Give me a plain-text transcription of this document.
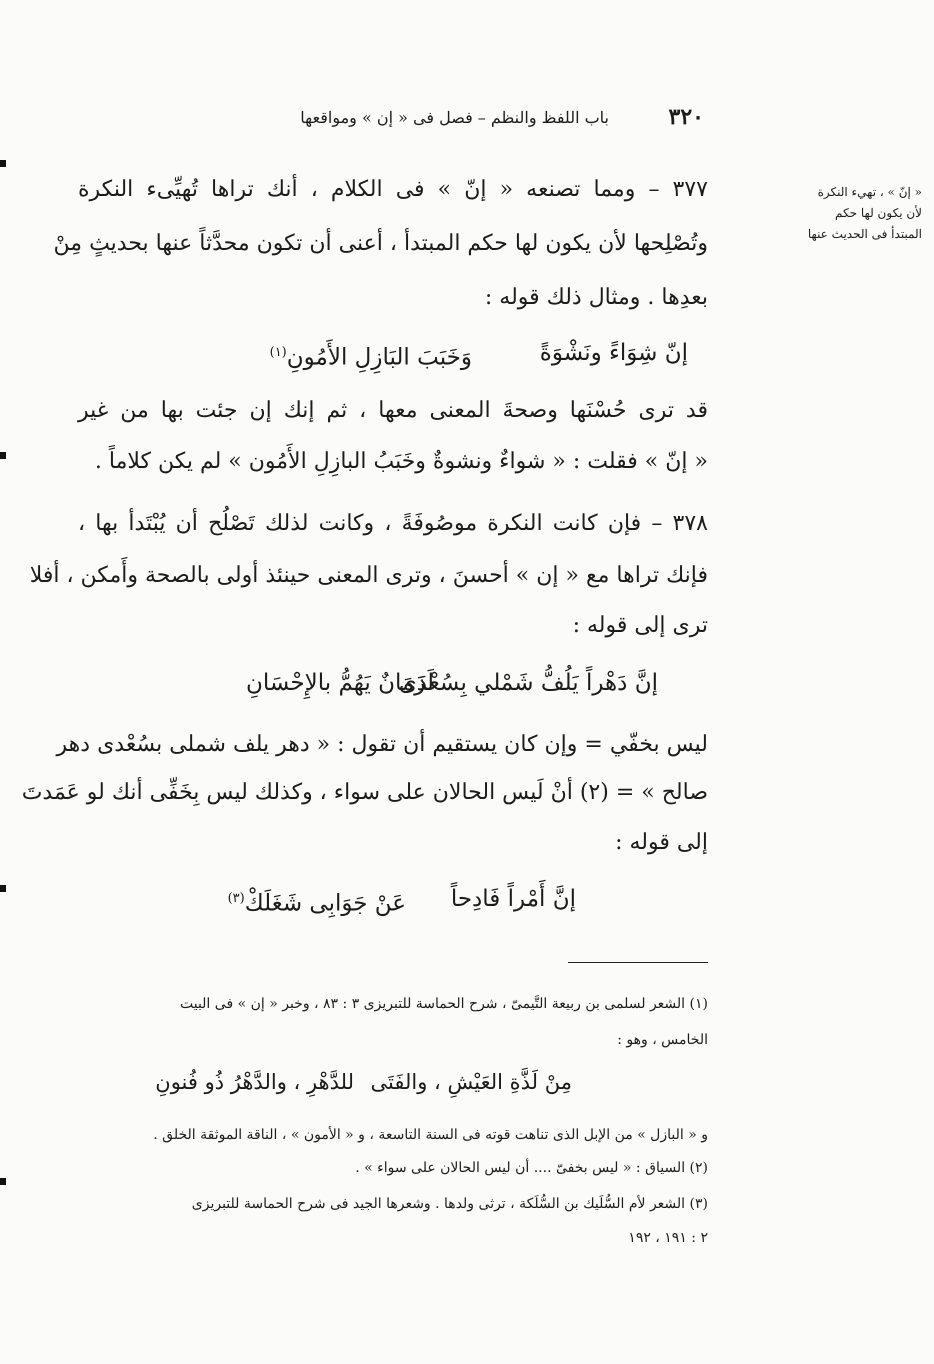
٣٢٠
باب اللفظ والنظم – فصل فى « إن » ومواقعها
« إنّ » ، تهيء النكرة
لأن يكون لها حكم
المبتدأ فى الحديث عنها
٣٧٧ – ومما تصنعه « إنّ » فى الكلام ، أنك تراها تُهيِّىء النكرة
وتُصْلِحها لأن يكون لها حكم المبتدأ ، أعنى أن تكون محدَّثاً عنها بحديثٍ مِنْ
بعدِها . ومثال ذلك قوله :
إنّ شِوَاءً ونَشْوَةً
وَخَبَبَ البَازِلِ الأَمُونِ$^{(١)}$
قد ترى حُسْنَها وصحةَ المعنى معها ، ثم إنك إن جئت بها من غير
« إنّ » فقلت : « شواءٌ ونشوةٌ وخَبَبُ البازِلِ الأَمُون » لم يكن كلاماً .
٣٧٨ – فإن كانت النكرة موصُوفَةً ، وكانت لذلك تَصْلُح أن يُبْتَدأ بها ،
فإنك تراها مع « إن » أحسنَ ، وترى المعنى حينئذ أولى بالصحة وأَمكن ، أفلا
ترى إلى قوله :
إنَّ دَهْراً يَلُفُّ شَمْلي بِسُعْدَى
لَزَمَانٌ يَهُمُّ بالإِحْسَانِ
ليس بخفّي = وإن كان يستقيم أن تقول : « دهر يلف شملى بسُعْدى دهر
صالح » = (٢) أنْ لَيس الحالان على سواء ، وكذلك ليس بِخَفِّى أنك لو عَمَدتَ
إلى قوله :
إنَّ أَمْراً فَادِحاً
عَنْ جَوَابِى شَغَلَكْ$^{(٣)}$
(١) الشعر لسلمى بن ربيعة التَّيمىّ ، شرح الحماسة للتبريزى ٣ : ٨٣ ، وخبر « إن » فى البيت
الخامس ، وهو :
مِنْ لَذَّةِ العَيْشِ ، والفَتَى
للدَّهْرِ ، والدَّهْرُ ذُو فُنونِ
و « البازل » من الإبل الذى تناهت قوته فى السنة التاسعة ، و « الأمون » ، الناقة الموثقة الخلق .
(٢) السياق : « ليس بخفىّ .... أن ليس الحالان على سواء » .
(٣) الشعر لأم السُّلَيك بن السُّلَكة ، ترثى ولدها . وشعرها الجيد فى شرح الحماسة للتبريزى
٢ : ١٩١ ، ١٩٢
